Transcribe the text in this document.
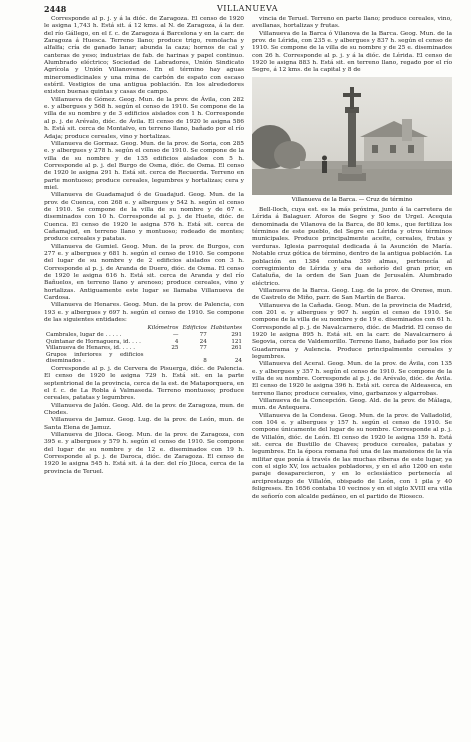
2448	VILLANUEVA

Corresponde al p. j. y á la dióc. de Zaragoza. El censo de 1920 le asigna 1,743 h. Está sit. á 12 kms. al N. de Zaragoza, á la der. del río Gállego, en el f. c. de Zaragoza á Barcelona y en la carr. de Zaragoza á Huesca. Terreno llano; produce trigo, remolacha y alfalfa; cría de ganado lanar; abunda la caza; hornos de cal y canteras de yeso; industrias de fab. de harinas y papel continuo. Alumbrado eléctrico; Sociedad de Labradores, Unión Sindicato Agrícola y Unión Villanovense. En el término hay aguas mineromedicinales y una mina de carbón de espato con escaso estéril. Vestigios de una antigua población. En los alrededores existen buenas quintas y casas de campo.

Villanueva de Gómez. Geog. Mun. de la prov. de Ávila, con 282 e. y albergues y 568 h. según el censo de 1910. Se compone de la villa de su nombre y de 3 edificios aislados con 1 h. Corresponde al p. j. de Arévalo, dióc. de Ávila. El censo de 1920 le asigna 586 h. Está sit. cerca de Montalvo, en terreno llano, bañado por el río Adaja; produce cereales, vino y hortalizas.

Villanueva de Gormaz. Geog. Mun. de la prov. de Soria, con 285 e. y albergues y 278 h. según el censo de 1910. Se compone de la villa de su nombre y de 135 edificios aislados con 5 h. Corresponde al p. j. del Burgo de Osma, dióc. de Osma. El censo de 1920 le asigna 291 h. Está sit. cerca de Recuerda. Terreno en parte montuoso; produce cereales, legumbres y hortalizas; cera y miel.

Villanueva de Guadamajud ó de Guadajud. Geog. Mun. de la prov. de Cuenca, con 268 e. y albergues y 542 h. según el censo de 1910. Se compone de la villa de su nombre y de 67 e. diseminados con 10 h. Corresponde al p. j. de Huete, dióc. de Cuenca. El censo de 1920 le asigna 576 h. Está sit. cerca de Cañamajud, en terreno llano y montuoso; rodeado de montes; produce cereales y patatas.

Villanueva de Gumiel. Geog. Mun. de la prov. de Burgos, con 277 e. y albergues y 681 h. según el censo de 1910. Se compone del lugar de su nombre y de 2 edificios aislados con 3 h. Corresponde al p. j. de Aranda de Duero, dióc. de Osma. El censo de 1920 le asigna 616 h. Está sit. cerca de Aranda y del río Bañuelos, en terreno llano y arenoso; produce cereales, vino y hortalizas. Antiguamente este lugar se llamaba Villanueva de Cardosa.

Villanueva de Henares. Geog. Mun. de la prov. de Palencia, con 193 e. y albergues y 697 h. según el censo de 1910. Se compone de las siguientes entidades:

	Kilómetros	Edificios	Habitantes
Cambrales, lugar de . . . . .	—	77	291
Quintanar de Hornaguera, id. . . .	4	24	121
Villanueva de Henares, id. . . . .	25	77	261
Grupos inferiores y edificios diseminados .		8	24

Corresponde al p. j. de Cervera de Pisuerga, dióc. de Palencia. El censo de 1920 le asigna 729 h. Está sit. en la parte septentrional de la provincia, cerca de la est. de Mataporquera, en el f. c. de La Robla á Valmaseda. Terreno montuoso; produce cereales, patatas y legumbres.

Villanueva de Jalón. Geog. Ald. de la prov. de Zaragoza, mun. de Chodes.

Villanueva de Jamuz. Geog. Lug. de la prov. de León, mun. de Santa Elena de Jamuz.

Villanueva de Jiloca. Geog. Mun. de la prov. de Zaragoza, con 395 e. y albergues y 579 h. según el censo de 1910. Se compone del lugar de su nombre y de 12 e. diseminados con 19 h. Corresponde al p. j. de Daroca, dióc. de Zaragoza. El censo de 1920 le asigna 545 h. Está sit. á la der. del río Jiloca, cerca de la provincia de Teruel.

vincia de Teruel. Terreno en parte llano; produce cereales, vino, avellanas, hortalizas y frutas.

Villanueva de la Barca ó Vilanova de la Barca. Geog. Mun. de la prov. de Lérida, con 235 e. y albergues y 837 h. según el censo de 1910. Se compone de la villa de su nombre y de 25 e. diseminados con 26 h. Corresponde al p. j. y á la dióc. de Lérida. El censo de 1920 le asigna 883 h. Está sit. en terreno llano, regado por el río Segre, á 12 kms. de la capital y 8 de

Villanueva de la Barca. — Cruz de término

Bell-lloch, cuya est. es la más próxima, junto á la carretera de Lérida á Balaguer. Aforos de Segre y Soo de Urgel. Acequia denominada de Vilanova de la Barca, de 80 kms., que fertiliza los términos de este pueblo, del Segre en Lérida y otros términos municipales. Produce principalmente aceite, cereales, frutas y verduras. Iglesia parroquial dedicada á la Asunción de María. Notable cruz gótica de término, dentro de la antigua población. La población en 1384 contaba 359 almas, pertenecía al corregimiento de Lérida y era de señorío del gran prior, en Cataluña, de la orden de San Juan de Jerusalén. Alumbrado eléctrico.

Villanueva de la Barca. Geog. Lug. de la prov. de Orense, mun. de Castrelo de Miño, parr. de San Martín de Barca.

Villanueva de la Cañada. Geog. Mun. de la provincia de Madrid, con 201 e. y albergues y 907 h. según el censo de 1910. Se compone de la villa de su nombre y de 19 e. diseminados con 61 h. Corresponde al p. j. de Navalcarnero, dióc. de Madrid. El censo de 1920 le asigna 895 h. Está sit. en la carr. de Navalcarnero á Segovia, cerca de Valdemorillo. Terreno llano, bañado por los ríos Guadarrama y Aulencia. Produce principalmente cereales y legumbres.

Villanueva del Aceral. Geog. Mun. de la prov. de Ávila, con 135 e. y albergues y 357 h. según el censo de 1910. Se compone de la villa de su nombre. Corresponde al p. j. de Arévalo, dióc. de Ávila. El censo de 1920 le asigna 396 h. Está sit. cerca de Aldeaseca, en terreno llano; produce cereales, vino, garbanzos y algarrobas.

Villanueva de la Concepción. Geog. Ald. de la prov. de Málaga, mun. de Antequera.

Villanueva de la Condesa. Geog. Mun. de la prov. de Valladolid, con 104 e. y albergues y 157 h. según el censo de 1910. Se compone únicamente del lugar de su nombre. Corresponde al p. j. de Villalón, dióc. de León. El censo de 1920 le asigna 159 h. Está sit. cerca de Bustillo de Chaves; produce cereales, patatas y legumbres. En la época romana fué una de las mansiones de la vía militar que ponía á través de las muchas riberas de este lugar, ya con el siglo XV, los actuales pobladores, y en el año 1200 en este paraje desaparecieron, y en lo eclesiástico pertenecía al arciprestazgo de Villalón, obispado de León, con 1 pila y 40 feligreses. En 1656 contaba 10 vecinos y en el siglo XVIII era villa de señorío con alcalde pedáneo, en el partido de Rioseco.
